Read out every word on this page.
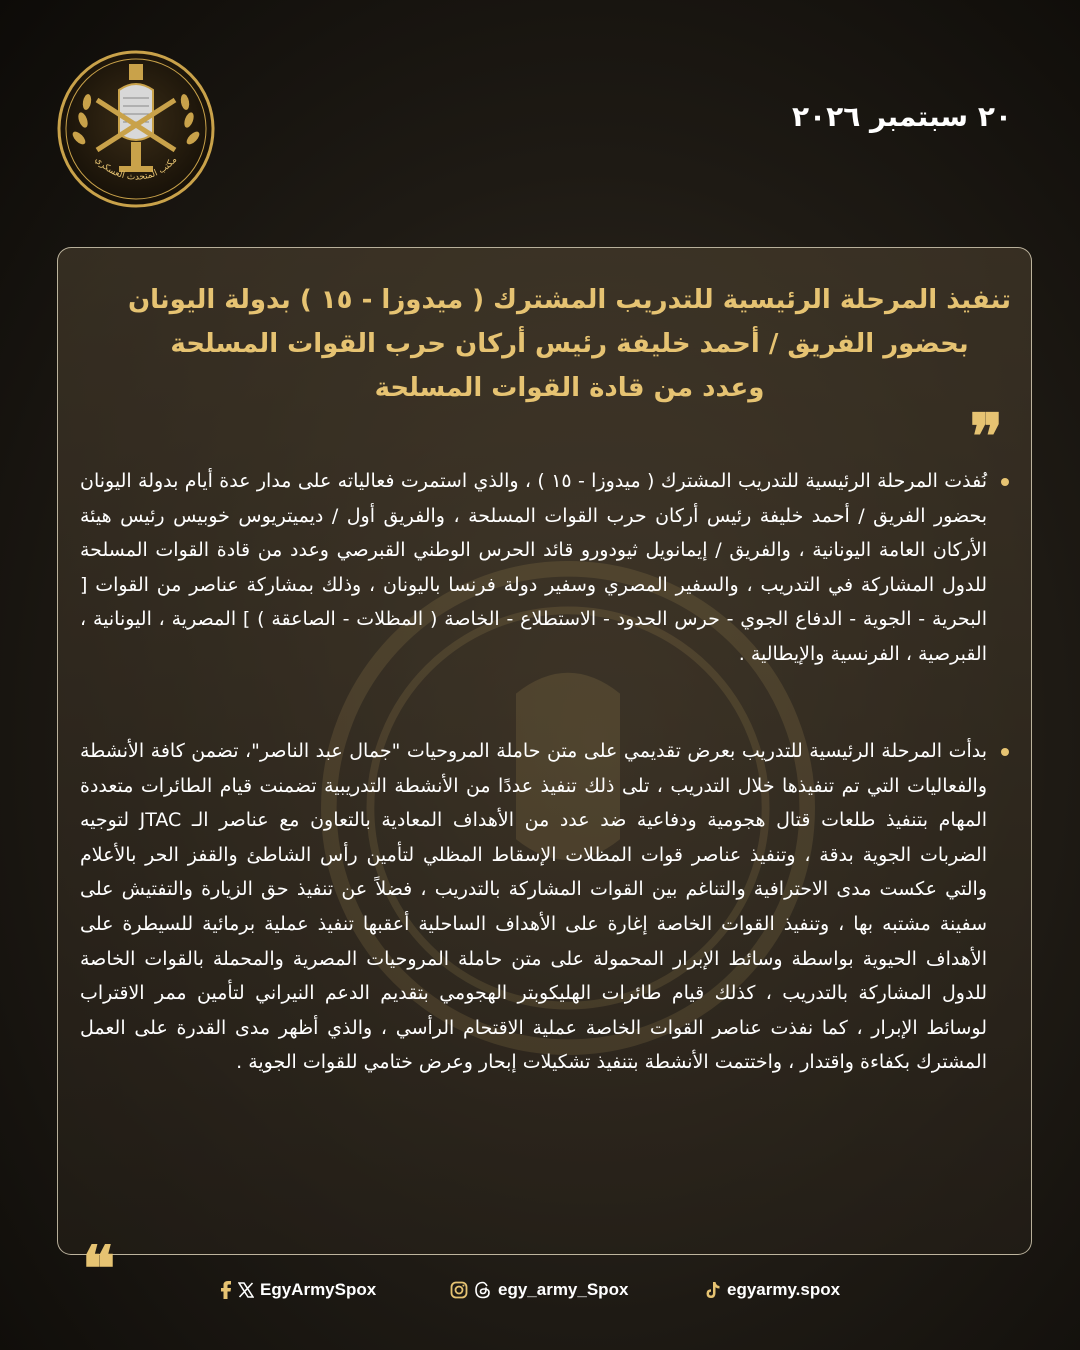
مكتب المتحدث العسكري
٢٠ سبتمبر ٢٠٢٦
تنفيذ المرحلة الرئيسية للتدريب المشترك ( ميدوزا - ١٥ ) بدولة اليونان
بحضور الفريق / أحمد خليفة رئيس أركان حرب القوات المسلحة
وعدد من قادة القوات المسلحة
❞
نُفذت المرحلة الرئيسية للتدريب المشترك ( ميدوزا - ١٥ ) ، والذي استمرت فعالياته على مدار عدة أيام بدولة اليونان بحضور الفريق / أحمد خليفة رئيس أركان حرب القوات المسلحة ، والفريق أول / ديميتريوس خوبيس رئيس هيئة الأركان العامة اليونانية ، والفريق / إيمانويل ثيودورو قائد الحرس الوطني القبرصي وعدد من قادة القوات المسلحة للدول المشاركة في التدريب ، والسفير المصري وسفير دولة فرنسا باليونان ، وذلك بمشاركة عناصر من القوات [ البحرية - الجوية - الدفاع الجوي - حرس الحدود - الاستطلاع - الخاصة ( المظلات - الصاعقة ) ] المصرية ، اليونانية ، القبرصية ، الفرنسية والإيطالية .
بدأت المرحلة الرئيسية للتدريب بعرض تقديمي على متن حاملة المروحيات "جمال عبد الناصر"، تضمن كافة الأنشطة والفعاليات التي تم تنفيذها خلال التدريب ، تلى ذلك تنفيذ عددًا من الأنشطة التدريبية تضمنت قيام الطائرات متعددة المهام بتنفيذ طلعات قتال هجومية ودفاعية ضد عدد من الأهداف المعادية بالتعاون مع عناصر الـ JTAC لتوجيه الضربات الجوية بدقة ، وتنفيذ عناصر قوات المظلات الإسقاط المظلي لتأمين رأس الشاطئ والقفز الحر بالأعلام والتي عكست مدى الاحترافية والتناغم بين القوات المشاركة بالتدريب ، فضلاً عن تنفيذ حق الزيارة والتفتيش على سفينة مشتبه بها ، وتنفيذ القوات الخاصة إغارة على الأهداف الساحلية أعقبها تنفيذ عملية برمائية للسيطرة على الأهداف الحيوية بواسطة وسائط الإبرار المحمولة على متن حاملة المروحيات المصرية والمحملة بالقوات الخاصة للدول المشاركة بالتدريب ، كذلك قيام طائرات الهليكوبتر الهجومي بتقديم الدعم النيراني لتأمين ممر الاقتراب لوسائط الإبرار ، كما نفذت عناصر القوات الخاصة عملية الاقتحام الرأسي ، والذي أظهر مدى القدرة على العمل المشترك بكفاءة واقتدار ، واختتمت الأنشطة بتنفيذ تشكيلات إبحار وعرض ختامي للقوات الجوية .
❝	EgyArmySpox	egy_army_Spox	egyarmy.spox
